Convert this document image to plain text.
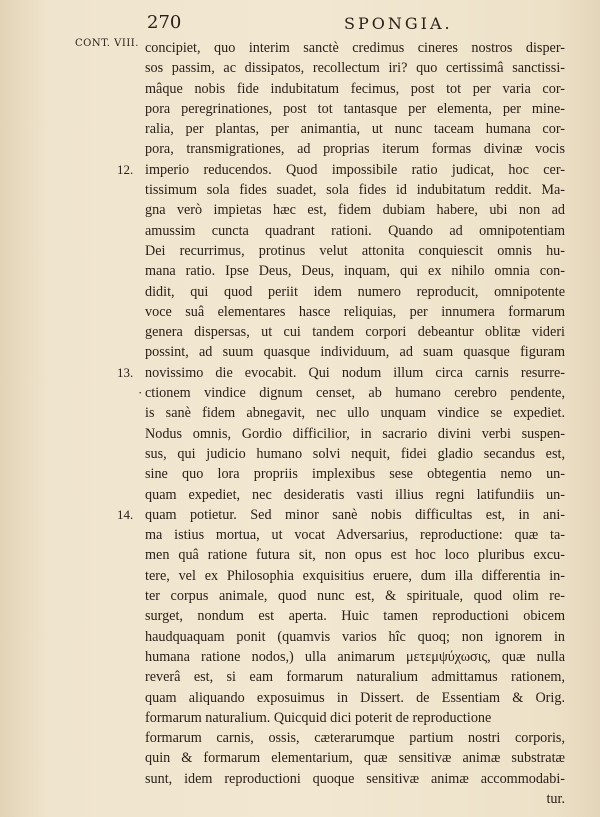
270	SPONGIA.
CONT. VIII. concipiet, quo interim sanctè credimus cineres nostros disper-
sos passim, ac dissipatos, recollectum iri? quo certissimâ sanctissi-
mâque nobis fide indubitatum fecimus, post tot per varia cor-
pora peregrinationes, post tot tantasque per elementa, per mine-
ralia, per plantas, per animantia, ut nunc taceam humana cor-
pora, transmigrationes, ad proprias iterum formas divinæ vocis
12. imperio reducendos. Quod impossibile ratio judicat, hoc cer-
tissimum sola fides suadet, sola fides id indubitatum reddit. Ma-
gna verò impietas hæc est, fidem dubiam habere, ubi non ad
amussim cuncta quadrant rationi. Quando ad omnipotentiam
Dei recurrimus, protinus velut attonita conquiescit omnis hu-
mana ratio. Ipse Deus, Deus, inquam, qui ex nihilo omnia con-
didit, qui quod periit idem numero reproducit, omnipotente
voce suâ elementares hasce reliquias, per innumera formarum
genera dispersas, ut cui tandem corpori debeantur oblitæ videri
possint, ad suum quasque individuum, ad suam quasque figuram
13. novissimo die evocabit. Qui nodum illum circa carnis resurre-
· ctionem vindice dignum censet, ab humano cerebro pendente,
is sanè fidem abnegavit, nec ullo unquam vindice se expediet.
Nodus omnis, Gordio difficilior, in sacrario divini verbi suspen-
sus, qui judicio humano solvi nequit, fidei gladio secandus est,
sine quo lora propriis implexibus sese obtegentia nemo un-
quam expediet, nec desideratis vasti illius regni latifundiis un-
14. quam potietur. Sed minor sanè nobis difficultas est, in ani-
ma istius mortua, ut vocat Adversarius, reproductione: quæ ta-
men quâ ratione futura sit, non opus est hoc loco pluribus excu-
tere, vel ex Philosophia exquisitius eruere, dum illa differentia in-
ter corpus animale, quod nunc est, & spirituale, quod olim re-
surget, nondum est aperta. Huic tamen reproductioni obicem
haudquaquam ponit (quamvis varios hîc quoq; non ignorem in
humana ratione nodos,) ulla animarum μετεμψύχωσις, quæ nulla
reverâ est, si eam formarum naturalium admittamus rationem,
quam aliquando exposuimus in Dissert. de Essentiam & Orig.
formarum naturalium. Quicquid dici poterit de reproductione
formarum carnis, ossis, cæterarumque partium nostri corporis,
quin & formarum elementarium, quæ sensitivæ animæ substratæ
sunt, idem reproductioni quoque sensitivæ animæ accommodabi-
tur.
